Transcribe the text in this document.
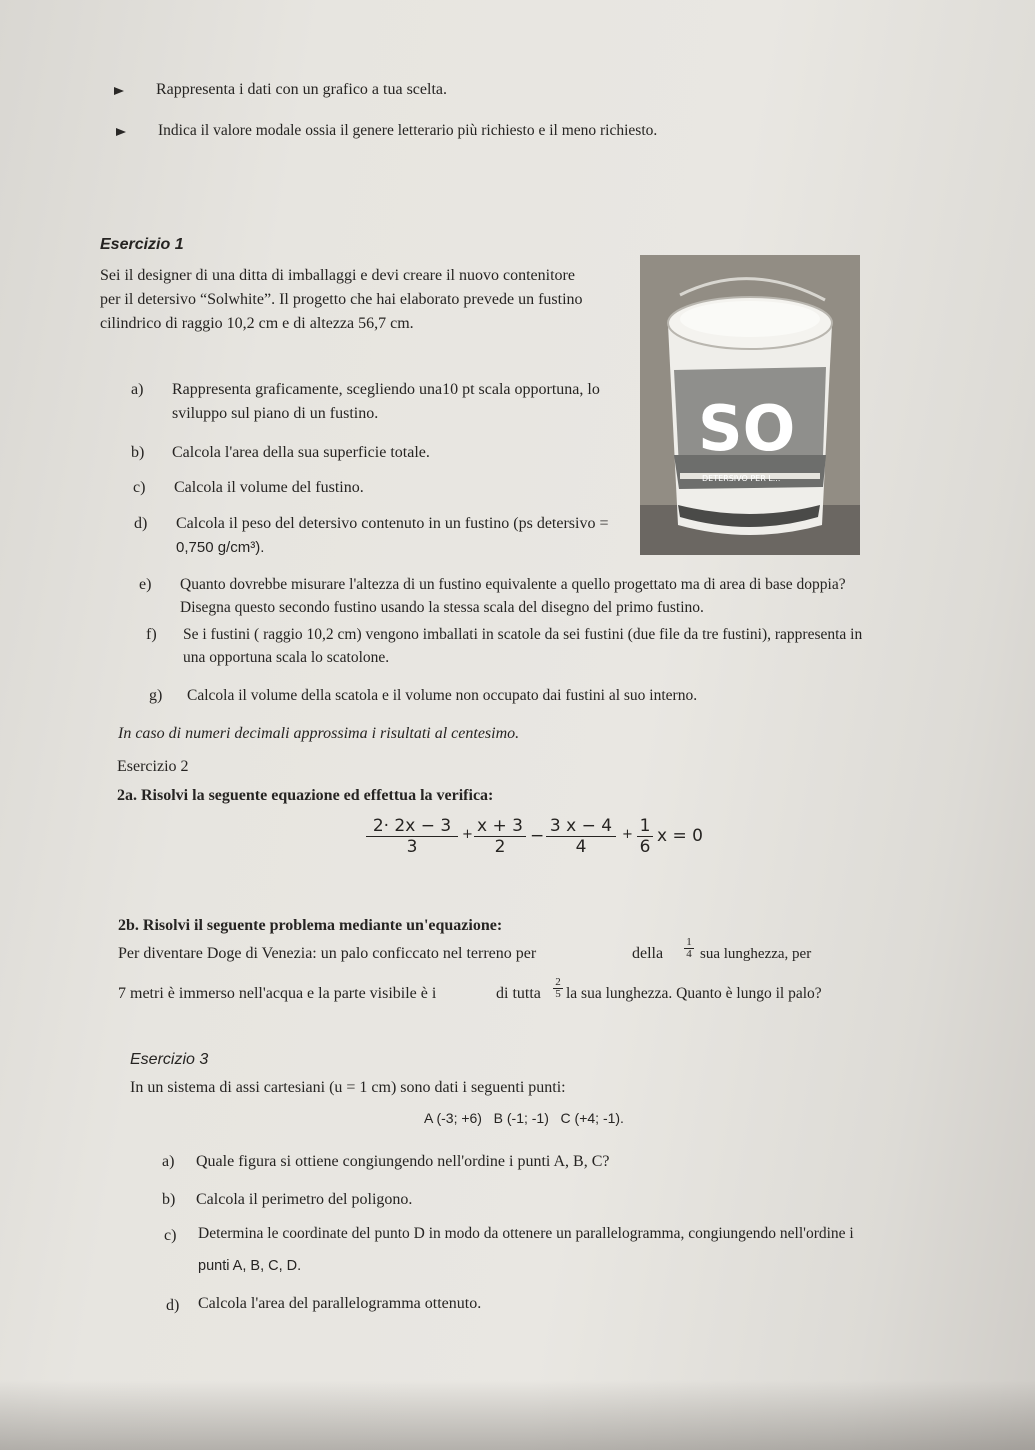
Rappresenta i dati con un grafico a tua scelta.
Indica il valore modale ossia il genere letterario più richiesto e il meno richiesto.
Esercizio 1
Sei il designer di una ditta di imballaggi e devi creare il nuovo contenitore
per il detersivo “Solwhite”. Il progetto che hai elaborato prevede un fustino
cilindrico di raggio 10,2 cm e di altezza 56,7 cm.
a) Rappresenta graficamente, scegliendo una10 pt scala opportuna, lo
sviluppo sul piano di un fustino.
b) Calcola l'area della sua superficie totale.
c) Calcola il volume del fustino.
d) Calcola il peso del detersivo contenuto in un fustino (ps detersivo =
0,750 g/cm³).
e) Quanto dovrebbe misurare l'altezza di un fustino equivalente a quello progettato ma di area di base doppia?
Disegna questo secondo fustino usando la stessa scala del disegno del primo fustino.
f) Se i fustini ( raggio 10,2 cm) vengono imballati in scatole da sei fustini (due file da tre fustini), rappresenta in
una opportuna scala lo scatolone.
g) Calcola il volume della scatola e il volume non occupato dai fustini al suo interno.
In caso di numeri decimali approssima i risultati al centesimo.
SO
DETERSIVO PER L...
Esercizio 2
2a. Risolvi la seguente equazione ed effettua la verifica:
$\frac{2\cdot 2x - 3}{3} + \frac{x + 3}{2} - \frac{3 x - 4}{4} + \frac{1}{6}$ x = 0
2b. Risolvi il seguente problema mediante un'equazione:
Per diventare Doge di Venezia: un palo conficcato nel terreno per	della $\frac{1}{4}$ sua lunghezza, per
7 metri è immerso nell'acqua e la parte visibile è i	di tutta $\frac{2}{5}$ la sua lunghezza. Quanto è lungo il palo?
Esercizio 3
In un sistema di assi cartesiani (u = 1 cm) sono dati i seguenti punti:
A (-3; +6)   B (-1; -1)   C (+4; -1).
a) Quale figura si ottiene congiungendo nell'ordine i punti A, B, C?
b) Calcola il perimetro del poligono.
c) Determina le coordinate del punto D in modo da ottenere un parallelogramma, congiungendo nell'ordine i
punti A, B, C, D.
d) Calcola l'area del parallelogramma ottenuto.
